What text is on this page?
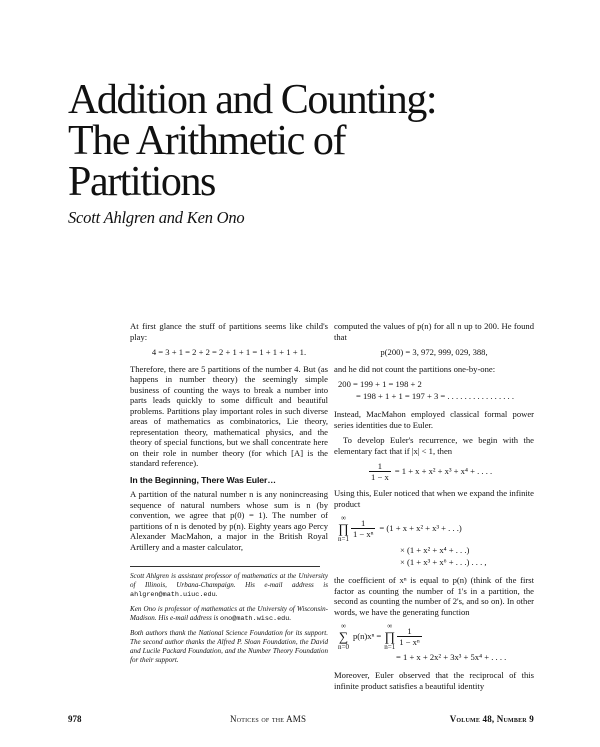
Addition and Counting:
The Arithmetic of
Partitions
Scott Ahlgren and Ken Ono

At first glance the stuff of partitions seems like child's play:

4 = 3 + 1 = 2 + 2 = 2 + 1 + 1 = 1 + 1 + 1 + 1.

Therefore, there are 5 partitions of the number 4. But (as happens in number theory) the seemingly simple business of counting the ways to break a number into parts leads quickly to some difficult and beautiful problems. Partitions play important roles in such diverse areas of mathematics as combinatorics, Lie theory, representation theory, mathematical physics, and the theory of special functions, but we shall concentrate here on their role in number theory (for which [A] is the standard reference).

In the Beginning, There Was Euler…

A partition of the natural number n is any nonincreasing sequence of natural numbers whose sum is n (by convention, we agree that p(0) = 1). The number of partitions of n is denoted by p(n). Eighty years ago Percy Alexander MacMahon, a major in the British Royal Artillery and a master calculator,

Scott Ahlgren is assistant professor of mathematics at the University of Illinois, Urbana-Champaign. His e-mail address is ahlgren@math.uiuc.edu.

Ken Ono is professor of mathematics at the University of Wisconsin-Madison. His e-mail address is ono@math.wisc.edu.

Both authors thank the National Science Foundation for its support. The second author thanks the Alfred P. Sloan Foundation, the David and Lucile Packard Foundation, and the Number Theory Foundation for their support.

computed the values of p(n) for all n up to 200. He found that

p(200) = 3, 972, 999, 029, 388,

and he did not count the partitions one-by-one:

200 = 199 + 1 = 198 + 2
= 198 + 1 + 1 = 197 + 3 = . . . . . . . . . . . . . . . .

Instead, MacMahon employed classical formal power series identities due to Euler.

To develop Euler's recurrence, we begin with the elementary fact that if |x| < 1, then

$\frac{1}{1 - x} = 1 + x + x^2 + x^3 + x^4$ + . . . .

Using this, Euler noticed that when we expand the infinite product

∞
∏
$n=1 \frac{1}{\text{1 − xⁿ}} = (1 + x + x^2 + x^3$ + . . .)
× (1 + x² + x⁴ + . . .)
× (1 + x³ + x⁶ + . . .) . . . ,

the coefficient of xⁿ is equal to p(n) (think of the first factor as counting the number of 1's in a partition, the second as counting the number of 2's, and so on). In other words, we have the generating function

∞
∑
n=0
p(n)xⁿ =
∞
∏
$n=1 \frac{1}{\text{1 − xⁿ}}$
= 1 + x + 2x² + 3x³ + 5x⁴ + . . . .

Moreover, Euler observed that the reciprocal of this infinite product satisfies a beautiful identity

978	Notices of the AMS	Volume 48, Number 9
